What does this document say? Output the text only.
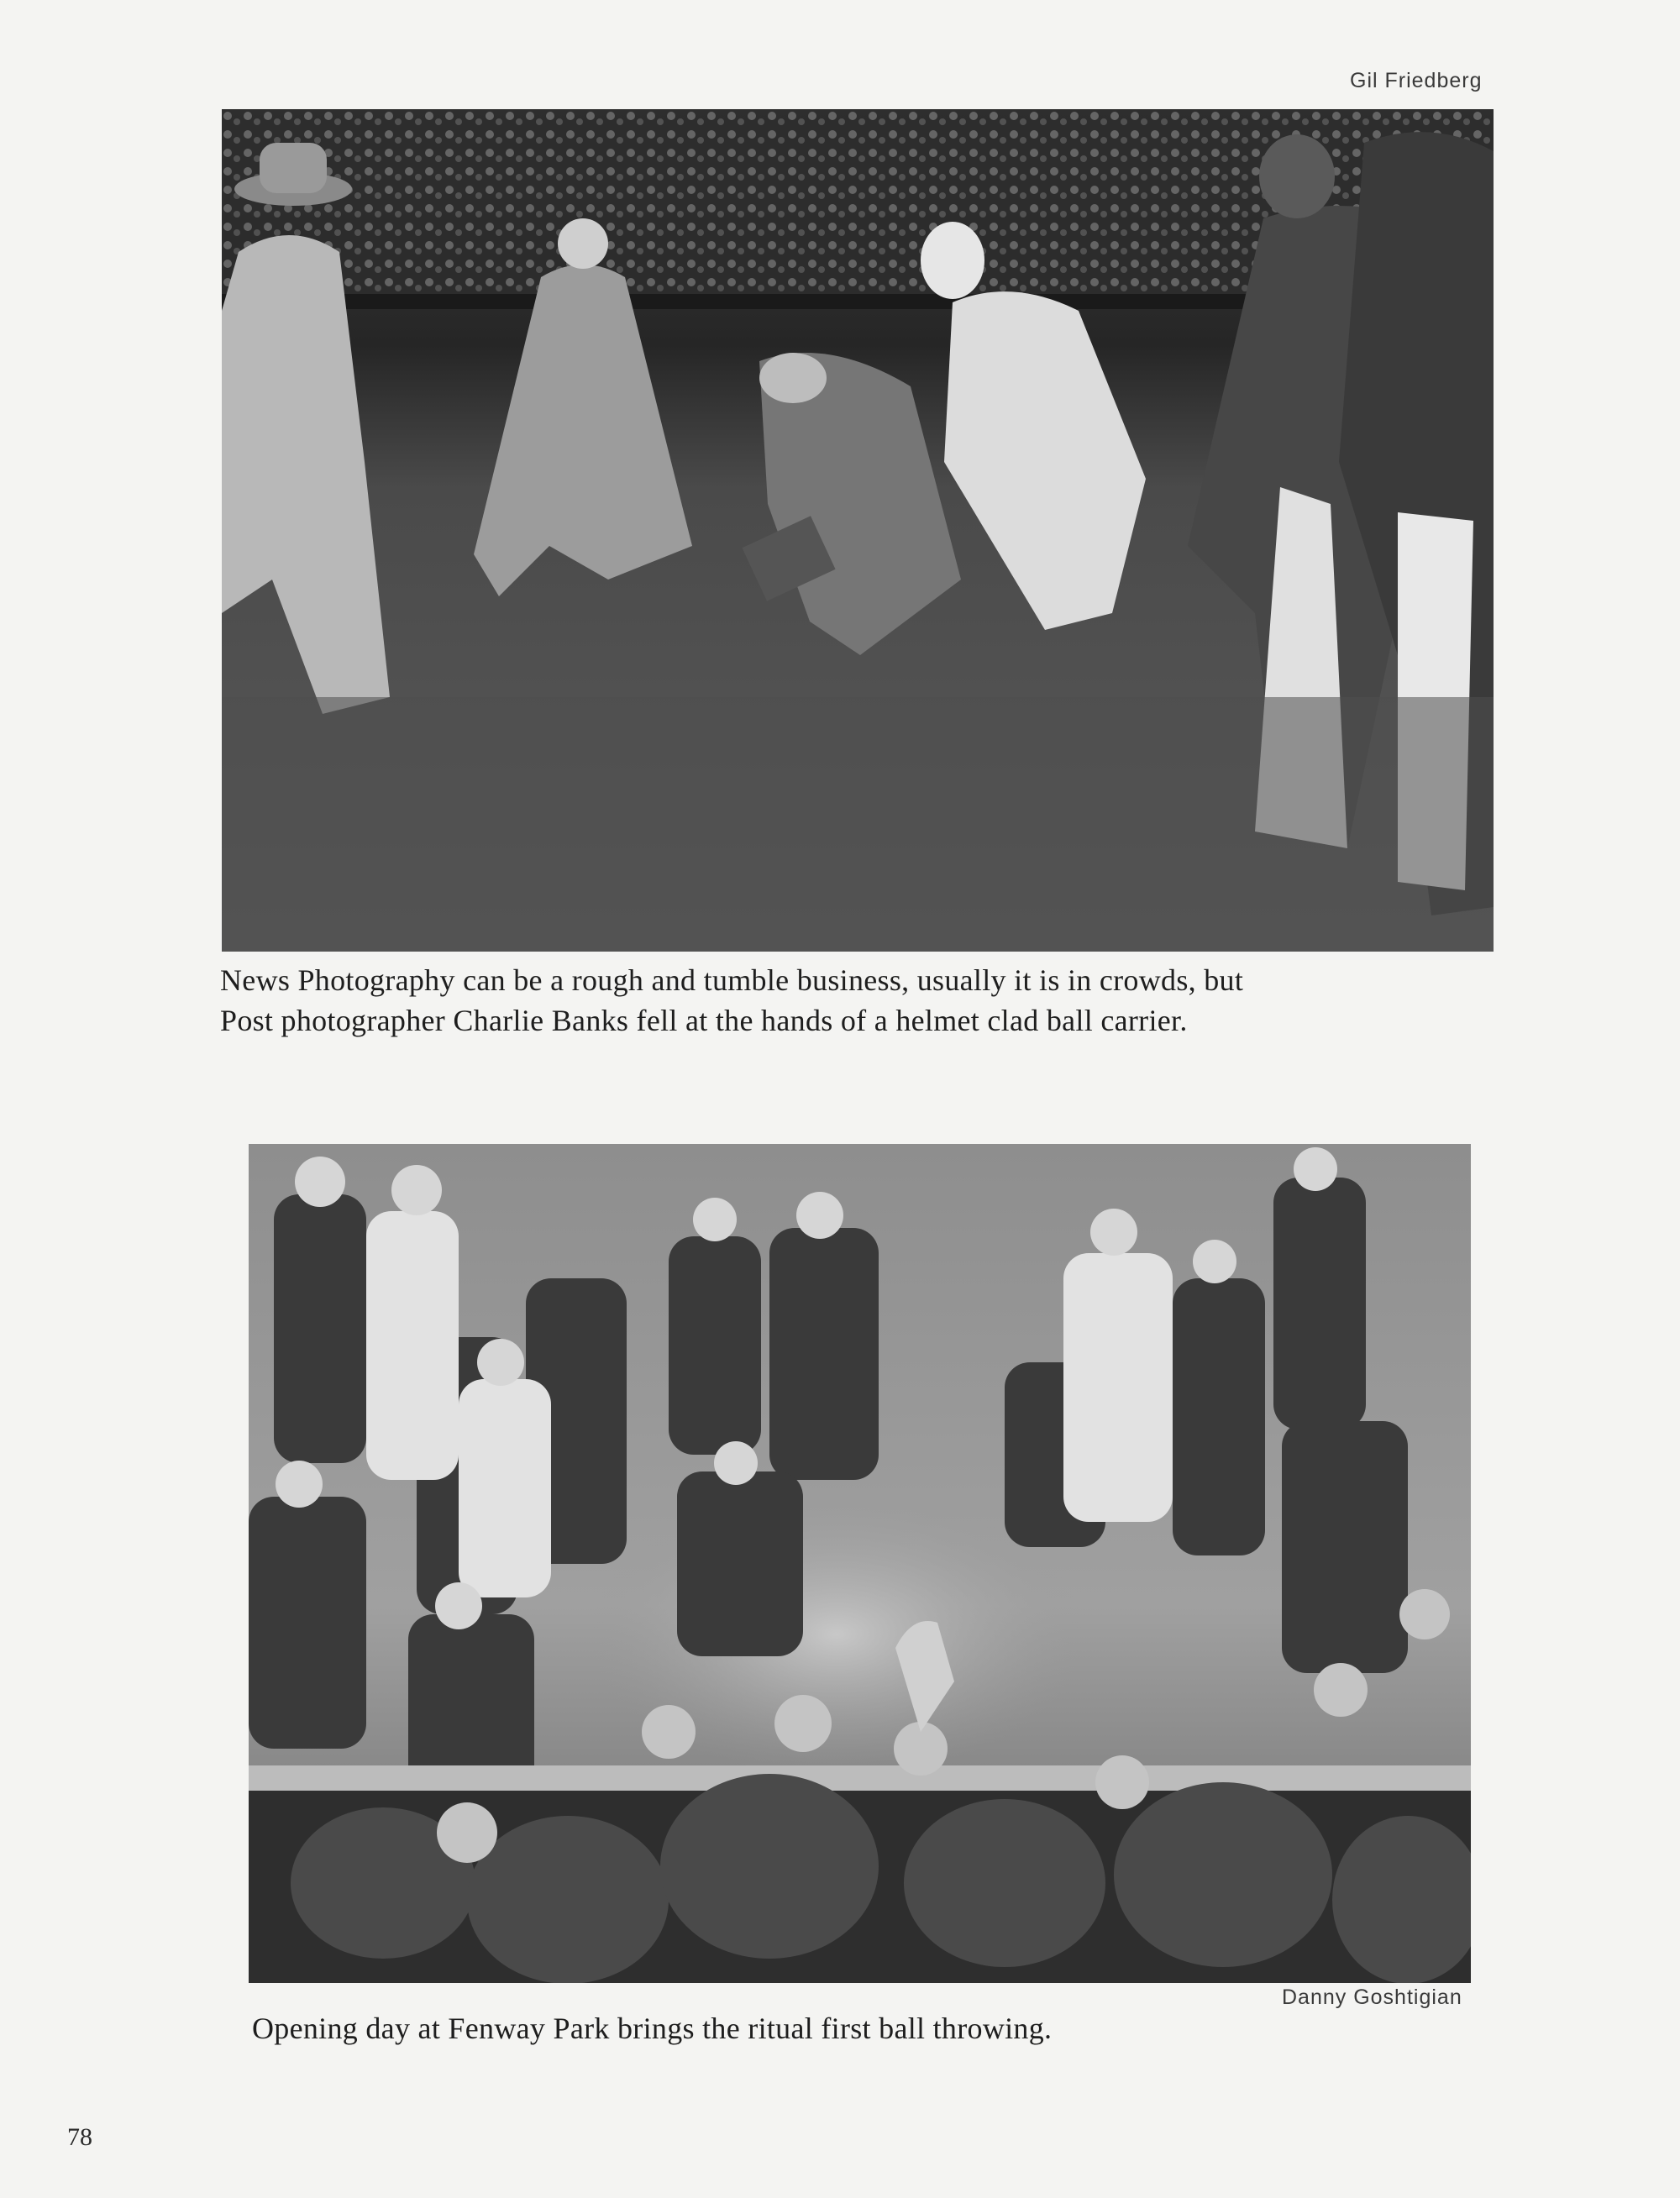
Gil Friedberg
News Photography can be a rough and tumble business, usually it is in crowds, but
Post photographer Charlie Banks fell at the hands of a helmet clad ball carrier.
Danny Goshtigian
Opening day at Fenway Park brings the ritual first ball throwing.
78
